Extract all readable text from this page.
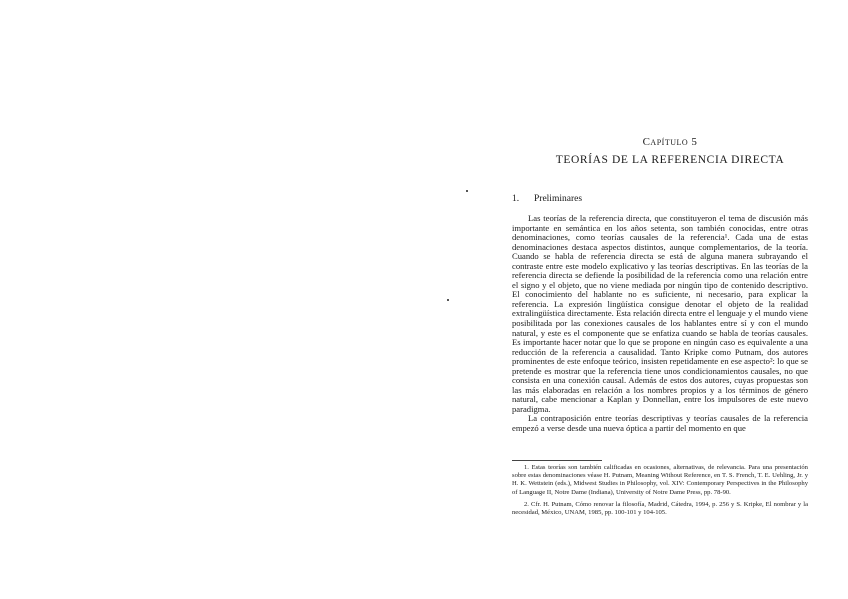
Capítulo 5
TEORÍAS DE LA REFERENCIA DIRECTA
1. Preliminares

Las teorías de la referencia directa, que constituyeron el tema de discusión más importante en semántica en los años setenta, son también conocidas, entre otras denominaciones, como teorías causales de la referencia¹. Cada una de estas denominaciones destaca aspectos distintos, aunque complementarios, de la teoría. Cuando se habla de referencia directa se está de alguna manera subrayando el contraste entre este modelo explicativo y las teorías descriptivas. En las teorías de la referencia directa se defiende la posibilidad de la referencia como una relación entre el signo y el objeto, que no viene mediada por ningún tipo de contenido descriptivo. El conocimiento del hablante no es suficiente, ni necesario, para explicar la referencia. La expresión lingüística consigue denotar el objeto de la realidad extralingüística directamente. Esta relación directa entre el lenguaje y el mundo viene posibilitada por las conexiones causales de los hablantes entre sí y con el mundo natural, y este es el componente que se enfatiza cuando se habla de teorías causales. Es importante hacer notar que lo que se propone en ningún caso es equivalente a una reducción de la referencia a causalidad. Tanto Kripke como Putnam, dos autores prominentes de este enfoque teórico, insisten repetidamente en ese aspecto²: lo que se pretende es mostrar que la referencia tiene unos condicionamientos causales, no que consista en una conexión causal. Además de estos dos autores, cuyas propuestas son las más elaboradas en relación a los nombres propios y a los términos de género natural, cabe mencionar a Kaplan y Donnellan, entre los impulsores de este nuevo paradigma.

La contraposición entre teorías descriptivas y teorías causales de la referencia empezó a verse desde una nueva óptica a partir del momento en que

1. Estas teorías son también calificadas en ocasiones, alternativas, de relevancia. Para una presentación sobre estas denominaciones véase H. Putnam, Meaning Without Reference, en T. S. French, T. E. Uehling, Jr. y H. K. Wettstein (eds.), Midwest Studies in Philosophy, vol. XIV: Contemporary Perspectives in the Philosophy of Language II, Notre Dame (Indiana), University of Notre Dame Press, pp. 78-90.

2. Cfr. H. Putnam, Cómo renovar la filosofía, Madrid, Cátedra, 1994, p. 256 y S. Kripke, El nombrar y la necesidad, México, UNAM, 1985, pp. 100-101 y 104-105.
